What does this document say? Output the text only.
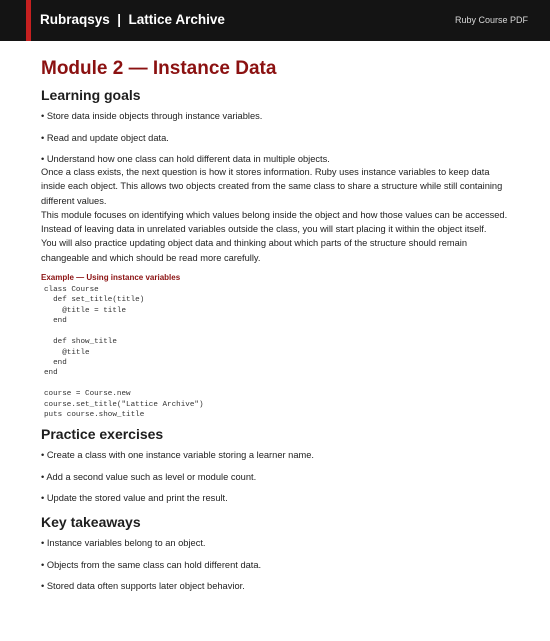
Rubraqsys  |  Lattice Archive	Ruby Course PDF
Module 2 — Instance Data
Learning goals
• Store data inside objects through instance variables.
• Read and update object data.
• Understand how one class can hold different data in multiple objects.

Once a class exists, the next question is how it stores information. Ruby uses instance variables to keep data inside each object. This allows two objects created from the same class to share a structure while still containing different values.

This module focuses on identifying which values belong inside the object and how those values can be accessed. Instead of leaving data in unrelated variables outside the class, you will start placing it within the object itself.

You will also practice updating object data and thinking about which parts of the structure should remain changeable and which should be read more carefully.

Example — Using instance variables
class Course
def set_title(title)
@title = title
end

def show_title
@title
end
end

course = Course.new
course.set_title("Lattice Archive")
puts course.show_title
Practice exercises
• Create a class with one instance variable storing a learner name.
• Add a second value such as level or module count.
• Update the stored value and print the result.
Key takeaways
• Instance variables belong to an object.
• Objects from the same class can hold different data.
• Stored data often supports later object behavior.
